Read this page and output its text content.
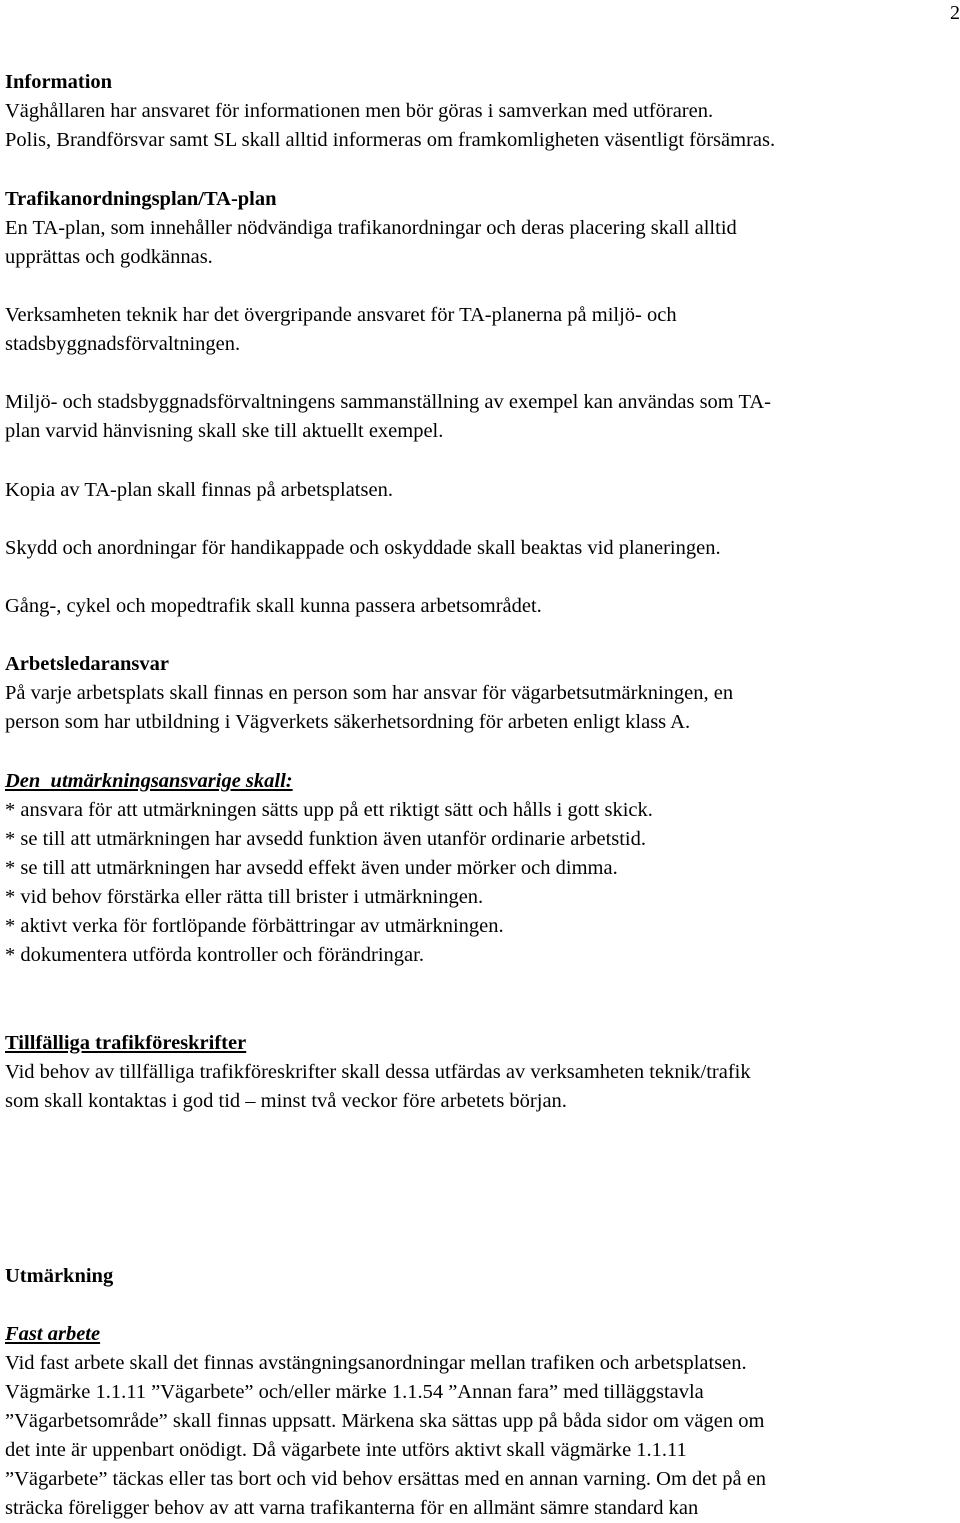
2
Information
Väghållaren har ansvaret för informationen men bör göras i samverkan med utföraren.
Polis, Brandförsvar samt SL skall alltid informeras om framkomligheten väsentligt försämras.
Trafikanordningsplan/TA-plan
En TA-plan, som innehåller nödvändiga trafikanordningar och deras placering skall alltid
upprättas och godkännas.
Verksamheten teknik har det övergripande ansvaret för TA-planerna på miljö- och
stadsbyggnadsförvaltningen.
Miljö- och stadsbyggnadsförvaltningens sammanställning av exempel kan användas som TA-
plan varvid hänvisning skall ske till aktuellt exempel.
Kopia av TA-plan skall finnas på arbetsplatsen.
Skydd och anordningar för handikappade och oskyddade skall beaktas vid planeringen.
Gång-, cykel och mopedtrafik skall kunna passera arbetsområdet.
Arbetsledaransvar
På varje arbetsplats skall finnas en person som har ansvar för vägarbetsutmärkningen, en
person som har utbildning i Vägverkets säkerhetsordning för arbeten enligt klass A.
Den  utmärkningsansvarige skall:
* ansvara för att utmärkningen sätts upp på ett riktigt sätt och hålls i gott skick.
* se till att utmärkningen har avsedd funktion även utanför ordinarie arbetstid.
* se till att utmärkningen har avsedd effekt även under mörker och dimma.
* vid behov förstärka eller rätta till brister i utmärkningen.
* aktivt verka för fortlöpande förbättringar av utmärkningen.
* dokumentera utförda kontroller och förändringar.
Tillfälliga trafikföreskrifter
Vid behov av tillfälliga trafikföreskrifter skall dessa utfärdas av verksamheten teknik/trafik
som skall kontaktas i god tid – minst två veckor före arbetets början.
Utmärkning
Fast arbete
Vid fast arbete skall det finnas avstängningsanordningar mellan trafiken och arbetsplatsen.
Vägmärke 1.1.11 ”Vägarbete” och/eller märke 1.1.54 ”Annan fara” med tilläggstavla
”Vägarbetsområde” skall finnas uppsatt. Märkena ska sättas upp på båda sidor om vägen om
det inte är uppenbart onödigt. Då vägarbete inte utförs aktivt skall vägmärke 1.1.11
”Vägarbete” täckas eller tas bort och vid behov ersättas med en annan varning. Om det på en
sträcka föreligger behov av att varna trafikanterna för en allmänt sämre standard kan
